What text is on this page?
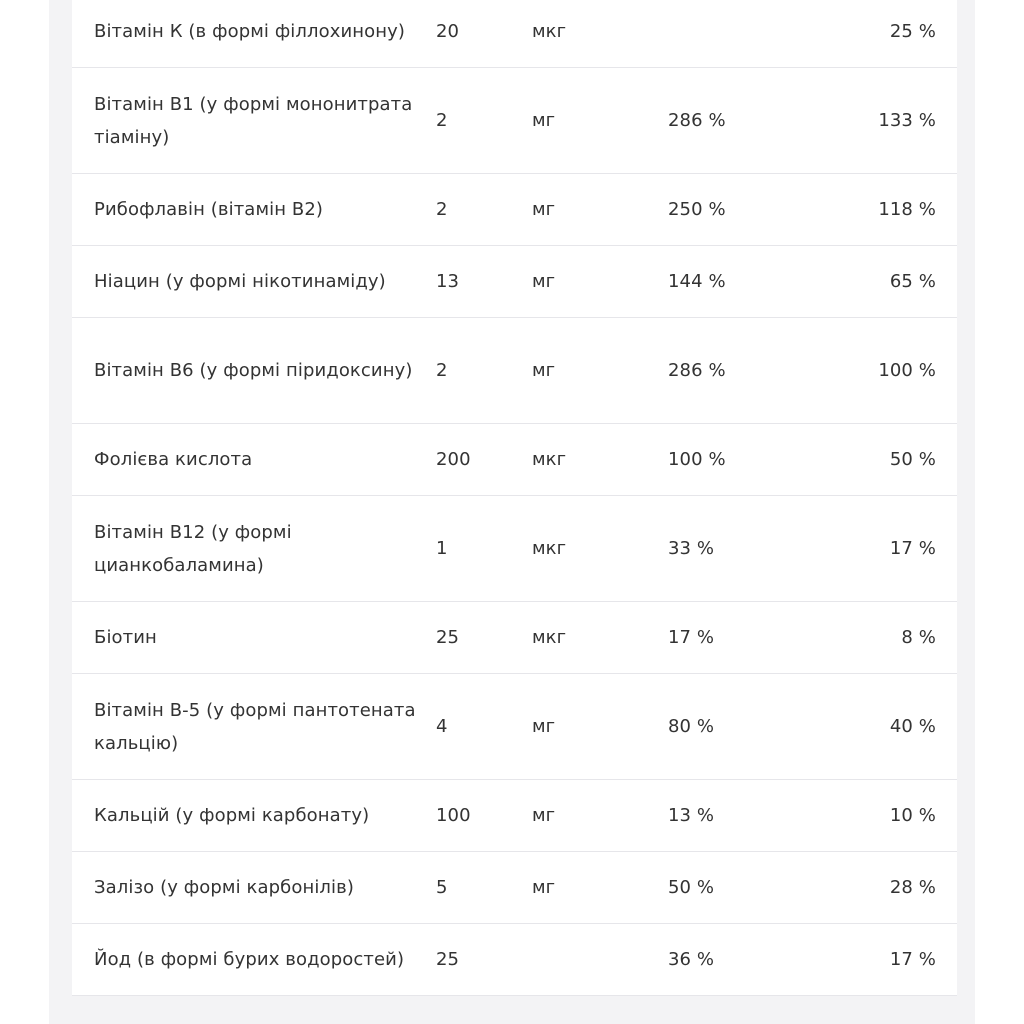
Вітамін К (в формі філлохинону)	20	мкг		25 %
Вітамін В1 (у формі мононитрата тіаміну)	2	мг	286 %	133 %
Рибофлавін (вітамін В2)	2	мг	250 %	118 %
Ніацин (у формі нікотинаміду)	13	мг	144 %	65 %
Вітамін В6 (у формі піридоксину)	2	мг	286 %	100 %
Фолієва кислота	200	мкг	100 %	50 %
Вітамін В12 (у формі цианкобаламина)	1	мкг	33 %	17 %
Біотин	25	мкг	17 %	8 %
Вітамін В-5 (у формі пантотената кальцію)	4	мг	80 %	40 %
Кальцій (у формі карбонату)	100	мг	13 %	10 %
Залізо (у формі карбонілів)	5	мг	50 %	28 %
Йод (в формі бурих водоростей)	25		36 %	17 %
